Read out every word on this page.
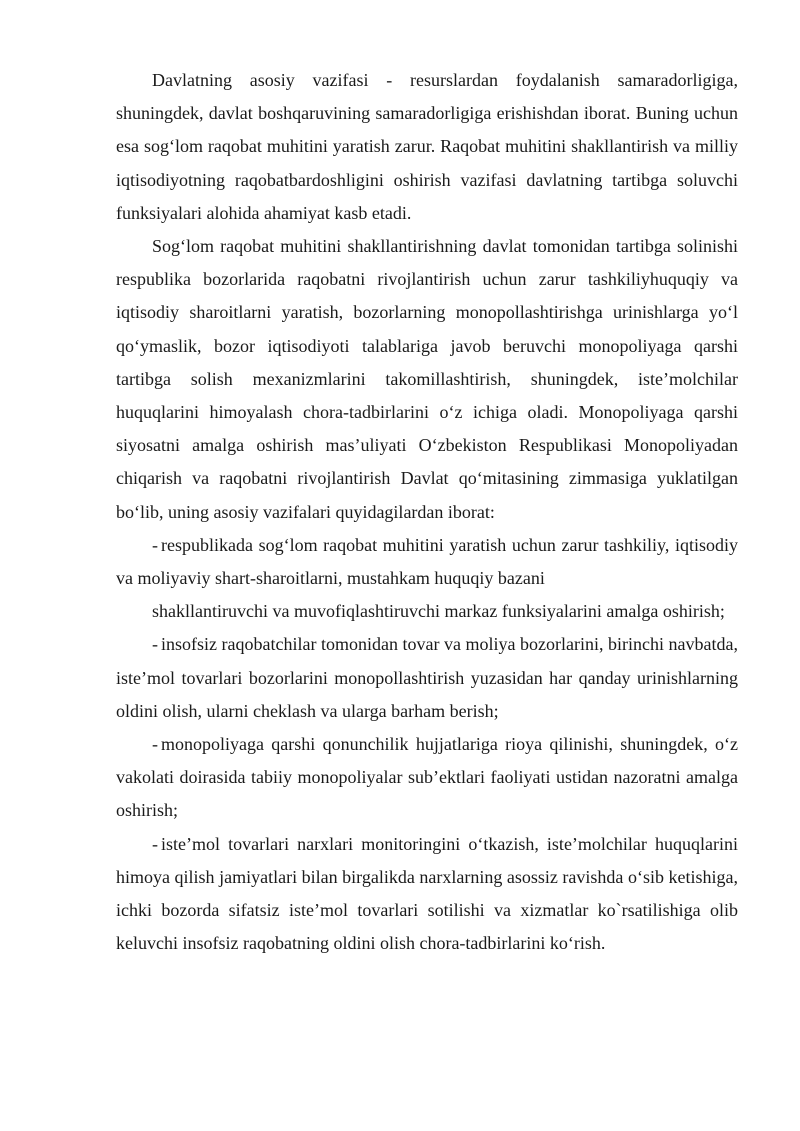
Davlatning asosiy vazifasi - resurslardan foydalanish samaradorligiga, shuningdek, davlat boshqaruvining samaradorligiga erishishdan iborat. Buning uchun esa sog‘lom raqobat muhitini yaratish zarur. Raqobat muhitini shakllantirish va milliy iqtisodiyotning raqobatbardoshligini oshirish vazifasi davlatning tartibga soluvchi funksiyalari alohida ahamiyat kasb etadi.

Sog‘lom raqobat muhitini shakllantirishning davlat tomonidan tartibga solinishi respublika bozorlarida raqobatni rivojlantirish uchun zarur tashkiliyhuquqiy va iqtisodiy sharoitlarni yaratish, bozorlarning monopollashtirishga urinishlarga yo‘l qo‘ymaslik, bozor iqtisodiyoti talablariga javob beruvchi monopoliyaga qarshi tartibga solish mexanizmlarini takomillashtirish, shuningdek, iste’molchilar huquqlarini himoyalash chora-tadbirlarini o‘z ichiga oladi. Monopoliyaga qarshi siyosatni amalga oshirish mas’uliyati O‘zbekiston Respublikasi Monopoliyadan chiqarish va raqobatni rivojlantirish Davlat qo‘mitasining zimmasiga yuklatilgan bo‘lib, uning asosiy vazifalari quyidagilardan iborat:

- respublikada sog‘lom raqobat muhitini yaratish uchun zarur tashkiliy, iqtisodiy va moliyaviy shart-sharoitlarni, mustahkam huquqiy bazani

shakllantiruvchi va muvofiqlashtiruvchi markaz funksiyalarini amalga oshirish;

- insofsiz raqobatchilar tomonidan tovar va moliya bozorlarini, birinchi navbatda, iste’mol tovarlari bozorlarini monopollashtirish yuzasidan har qanday urinishlarning oldini olish, ularni cheklash va ularga barham berish;

- monopoliyaga qarshi qonunchilik hujjatlariga rioya qilinishi, shuningdek, o‘z vakolati doirasida tabiiy monopoliyalar sub’ektlari faoliyati ustidan nazoratni amalga oshirish;

- iste’mol tovarlari narxlari monitoringini o‘tkazish, iste’molchilar huquqlarini himoya qilish jamiyatlari bilan birgalikda narxlarning asossiz ravishda o‘sib ketishiga, ichki bozorda sifatsiz iste’mol tovarlari sotilishi va xizmatlar ko`rsatilishiga olib keluvchi insofsiz raqobatning oldini olish chora-tadbirlarini ko‘rish.
